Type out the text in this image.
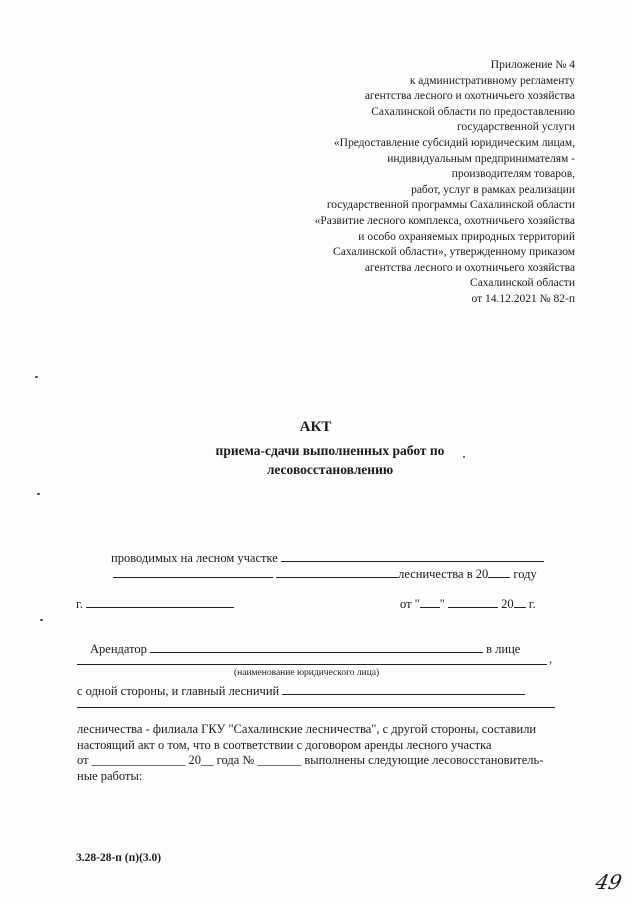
Приложение № 4
к административному регламенту
агентства лесного и охотничьего хозяйства
Сахалинской области по предоставлению
государственной услуги
«Предоставление субсидий юридическим лицам,
индивидуальным предпринимателям -
производителям товаров,
работ, услуг в рамках реализации
государственной программы Сахалинской области
«Развитие лесного комплекса, охотничьего хозяйства
и особо охраняемых природных территорий
Сахалинской области», утвержденному приказом
агентства лесного и охотничьего хозяйства
Сахалинской области
от 14.12.2021 № 82-п
АКТ
приема-сдачи выполненных работ по
лесовосстановлению
проводимых на лесном участке
лесничества в 20 году
г.	от " "	20 г.
Арендатор	в лице
,
(наименование юридического лица)
с одной стороны, и главный лесничий
лесничества - филиала ГКУ "Сахалинские лесничества", с другой стороны, составили
настоящий акт о том, что в соответствии с договором аренды лесного участка
от _______________ 20__ года № _______ выполнены следующие лесовосстановитель-
ные работы:
3.28-28-п (п)(3.0)
49
